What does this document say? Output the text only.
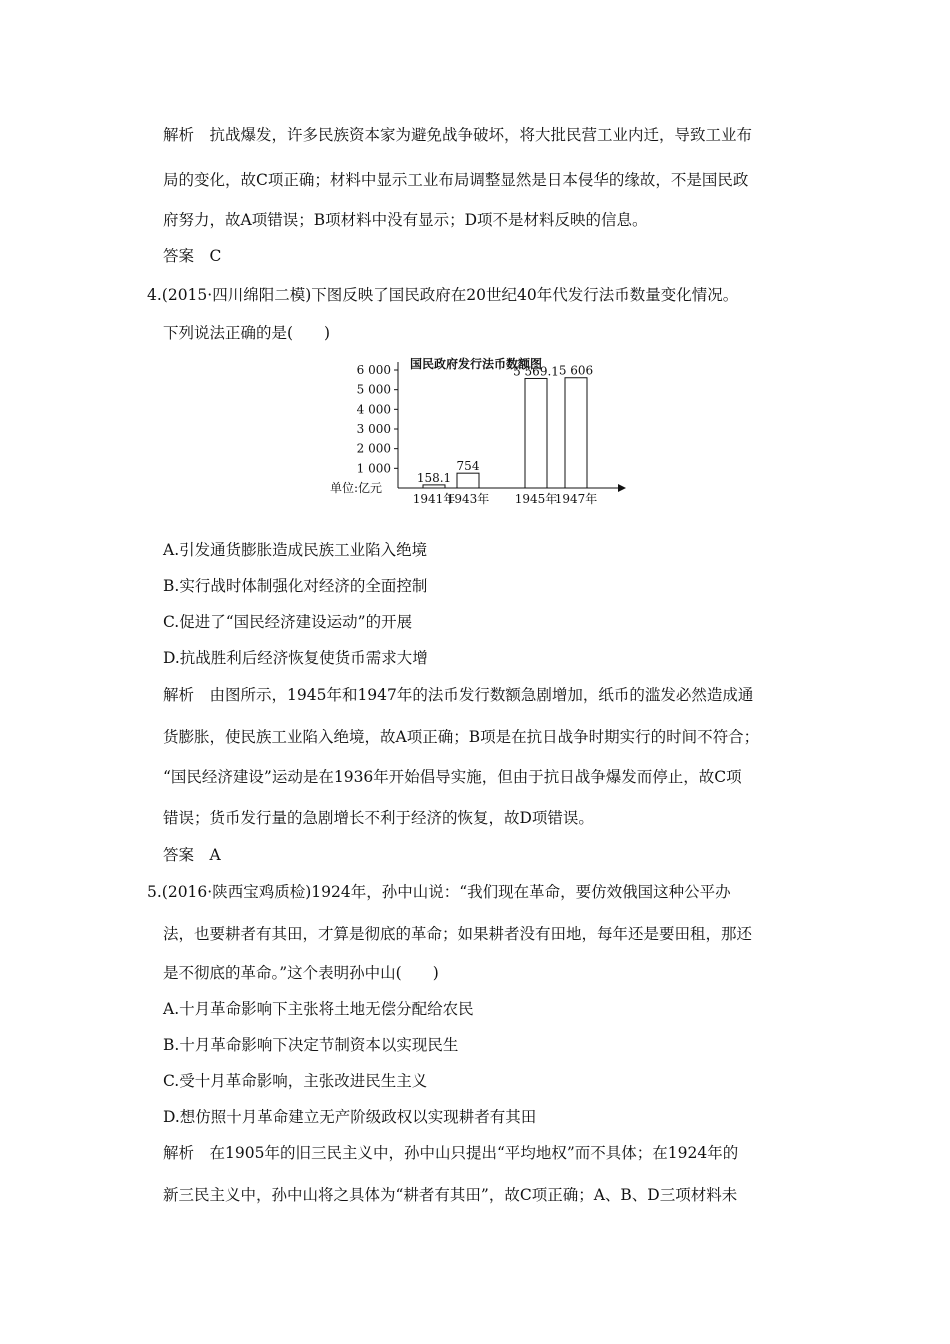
解析　抗战爆发，许多民族资本家为避免战争破坏，将大批民营工业内迁，导致工业布
局的变化，故C项正确；材料中显示工业布局调整显然是日本侵华的缘故，不是国民政
府努力，故A项错误；B项材料中没有显示；D项不是材料反映的信息。
答案　C
4.(2015·四川绵阳二模)下图反映了国民政府在20世纪40年代发行法币数量变化情况。
下列说法正确的是(　　)
国民政府发行法币数额图
1 000
2 000
3 000
4 000
5 000
6 000
158.1
1941年
754
1943年
5 569.1
1945年
5 606
1947年
单位:亿元
A.引发通货膨胀造成民族工业陷入绝境
B.实行战时体制强化对经济的全面控制
C.促进了“国民经济建设运动”的开展
D.抗战胜利后经济恢复使货币需求大增
解析　由图所示，1945年和1947年的法币发行数额急剧增加，纸币的滥发必然造成通
货膨胀，使民族工业陷入绝境，故A项正确；B项是在抗日战争时期实行的时间不符合；
“国民经济建设”运动是在1936年开始倡导实施，但由于抗日战争爆发而停止，故C项
错误；货币发行量的急剧增长不利于经济的恢复，故D项错误。
答案　A
5.(2016·陕西宝鸡质检)1924年，孙中山说：“我们现在革命，要仿效俄国这种公平办
法，也要耕者有其田，才算是彻底的革命；如果耕者没有田地，每年还是要田租，那还
是不彻底的革命。”这个表明孙中山(　　)
A.十月革命影响下主张将土地无偿分配给农民
B.十月革命影响下决定节制资本以实现民生
C.受十月革命影响，主张改进民生主义
D.想仿照十月革命建立无产阶级政权以实现耕者有其田
解析　在1905年的旧三民主义中，孙中山只提出“平均地权”而不具体；在1924年的
新三民主义中，孙中山将之具体为“耕者有其田”，故C项正确；A、B、D三项材料未
